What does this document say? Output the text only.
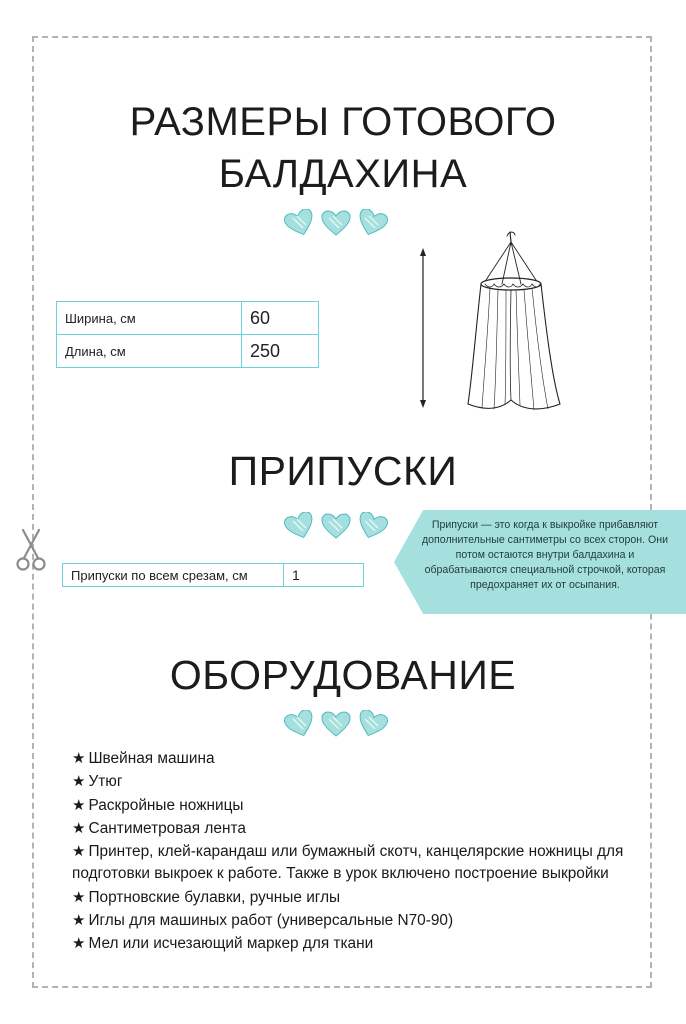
РАЗМЕРЫ ГОТОВОГО
БАЛДАХИНА
Ширина, см	60
Длина, см	250
ПРИПУСКИ
Припуски — это когда к выкройке прибавляют дополнительные сантиметры со всех сторон. Они потом остаются внутри балдахина и обрабатываются специальной строчкой, которая предохраняет их от осыпания.
Припуски по всем срезам, см	1
ОБОРУДОВАНИЕ
★ Швейная машина
★ Утюг
★ Раскройные ножницы
★ Сантиметровая лента
★ Принтер, клей-карандаш или бумажный скотч, канцелярские ножницы для подготовки выкроек к работе. Также в урок включено построение выкройки
★ Портновские булавки, ручные иглы
★ Иглы для машиных работ (универсальные N70-90)
★ Мел или исчезающий маркер для ткани
